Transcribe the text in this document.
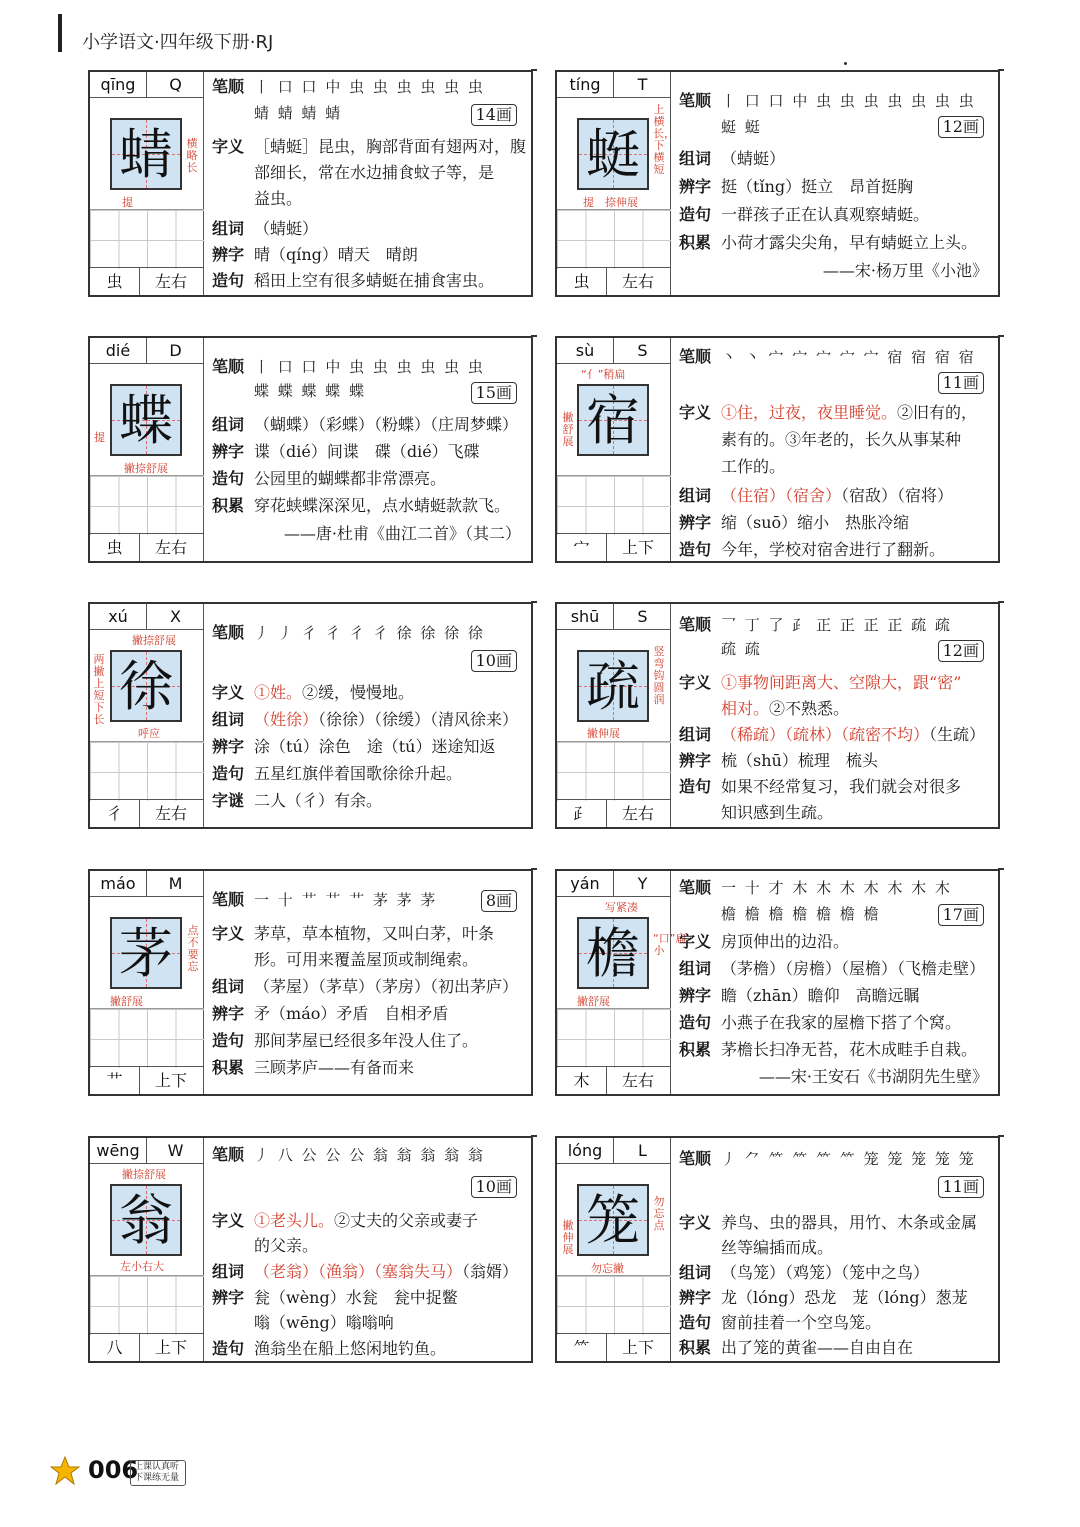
小学语文·四年级下册·RJ
qīng	Q
蜻	横略长
提
虫	左右
笔顺 丨 口 口 中 虫 虫 虫 虫 虫 虫
蜻 蜻 蜻 蜻	14画
字义 ［蜻蜓］昆虫，胸部背面有翅两对，腹
部细长，常在水边捕食蚊子等，是
益虫。
组词 （蜻蜓）
辨字 晴（qíng）晴天　晴朗
造句 稻田上空有很多蜻蜓在捕食害虫。
tíng	T
蜓
上横长，下横短
提 捺伸展
虫	左右
笔顺 丨 口 口 中 虫 虫 虫 虫 虫 虫 虫
蜓 蜓	12画
组词 （蜻蜓）
辨字 挺（tǐng）挺立　昂首挺胸
造句 一群孩子正在认真观察蜻蜓。
积累 小荷才露尖尖角，早有蜻蜓立上头。
——宋·杨万里《小池》
dié	D
蝶
提
撇捺舒展
虫	左右
笔顺 丨 口 口 中 虫 虫 虫 虫 虫 虫
蝶 蝶 蝶 蝶 蝶	15画
组词 （蝴蝶）（彩蝶）（粉蝶）（庄周梦蝶）
辨字 谍（dié）间谍　碟（dié）飞碟
造句 公园里的蝴蝶都非常漂亮。
积累 穿花蛱蝶深深见，点水蜻蜓款款飞。
——唐·杜甫《曲江二首》（其二）
sù	S
宿
“亻”稍扁
撇舒展
宀	上下
笔顺 丶 丶 宀 宀 宀 宀 宀 宿 宿 宿 宿
11画
字义 ①住，过夜，夜里睡觉。②旧有的，
素有的。③年老的，长久从事某种
工作的。
组词 （住宿）（宿舍）（宿敌）（宿将）
辨字 缩（suō）缩小　热胀冷缩
造句 今年，学校对宿舍进行了翻新。
xú	X
徐
撇捺舒展
两撇上短下长
呼应
彳	左右
笔顺 丿 丿 彳 彳 彳 彳 徐 徐 徐 徐
10画
字义 ①姓。②缓，慢慢地。
组词 （姓徐）（徐徐）（徐缓）（清风徐来）
辨字 涂（tú）涂色　途（tú）迷途知返
造句 五星红旗伴着国歌徐徐升起。
字谜 二人（彳）有余。
shū	S
疏
竖弯钩圆润
撇伸展
⺪	左右
笔顺 乛 丁 了 ⺪ 正 正 正 正 疏 疏
疏 疏	12画
字义 ①事物间距离大、空隙大，跟“密”
相对。②不熟悉。
组词 （稀疏）（疏林）（疏密不均）（生疏）
辨字 梳（shū）梳理　梳头
造句 如果不经常复习，我们就会对很多
知识感到生疏。
máo	M
茅	点不要忘
撇舒展
艹	上下
笔顺 一 十 艹 艹 艹 茅 茅 茅	8画
字义 茅草，草本植物，又叫白茅，叶条
形。可用来覆盖屋顶或制绳索。
组词 （茅屋）（茅草）（茅房）（初出茅庐）
辨字 矛（máo）矛盾　自相矛盾
造句 那间茅屋已经很多年没人住了。
积累 三顾茅庐——有备而来
yán	Y
檐
写紧凑
“口”扁小
撇舒展
木	左右
笔顺 一 十 才 木 木 木 木 木 木 木
檐 檐 檐 檐 檐 檐 檐	17画
字义 房顶伸出的边沿。
组词 （茅檐）（房檐）（屋檐）（飞檐走壁）
辨字 瞻（zhān）瞻仰　高瞻远瞩
造句 小燕子在我家的屋檐下搭了个窝。
积累 茅檐长扫净无苔，花木成畦手自栽。
——宋·王安石《书湖阴先生壁》
wēng	W
翁
撇捺舒展
左小右大
八	上下
笔顺 丿 八 公 公 公 翁 翁 翁 翁 翁
10画
字义 ①老头儿。②丈夫的父亲或妻子
的父亲。
组词 （老翁）（渔翁）（塞翁失马）（翁婿）
辨字 瓮（wèng）水瓮　瓮中捉鳖
嗡（wēng）嗡嗡响
造句 渔翁坐在船上悠闲地钓鱼。
lóng	L
笼	勿忘点
撇伸展
勿忘撇
⺮	上下
笔顺 丿 ⺈ ⺮ ⺮ ⺮ ⺮ 笼 笼 笼 笼 笼
11画
字义 养鸟、虫的器具，用竹、木条或金属
丝等编插而成。
组词 （鸟笼）（鸡笼）（笼中之鸟）
辨字 龙（lóng）恐龙　茏（lóng）葱茏
造句 窗前挂着一个空鸟笼。
积累 出了笼的黄雀——自由自在
006
上课认真听
下课练无量
